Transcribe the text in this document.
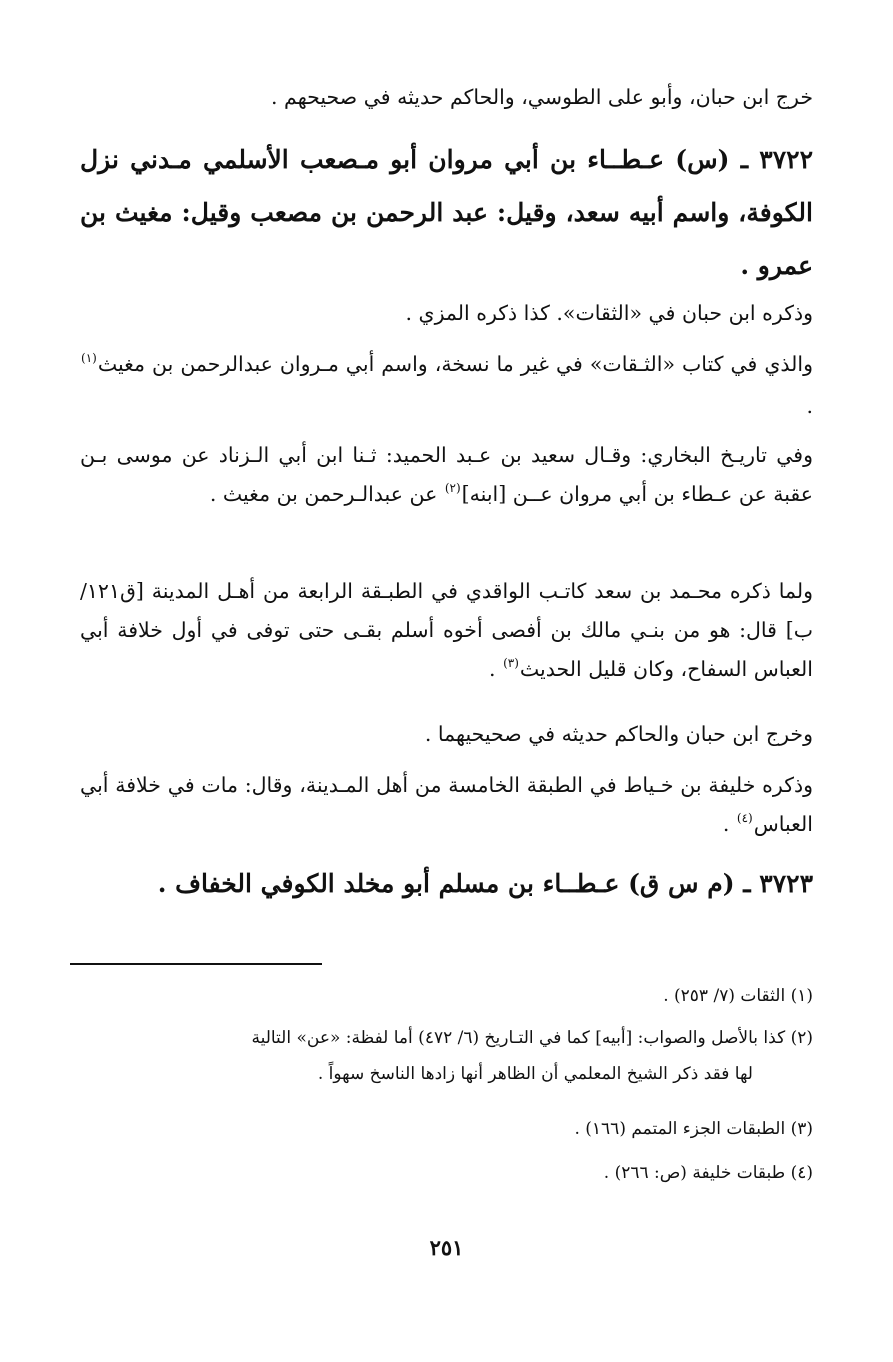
خرج ابن حبان، وأبو على الطوسي، والحاكم حديثه في صحيحهم .
٣٧٢٢ ـ (س) عـطــاء بن أبي مروان أبو مـصعب الأسلمي مـدني نزل الكوفة، واسم أبيه سعد، وقيل: عبد الرحمن بن مصعب وقيل: مغيث بن عمرو .
وذكره ابن حبان في «الثقات». كذا ذكره المزي .
والذي في كتاب «الثـقات» في غير ما نسخة، واسم أبي مـروان عبدالرحمن بن مغيث$^{(١)}$ .
وفي تاريـخ البخاري: وقـال سعيد بن عـبد الحميد: ثـنا ابن أبي الـزناد عن موسى بـن عقبة عن عـطاء بن أبي مروان عــن [ابنه]$^{(٢)}$ عن عبدالـرحمن بن مغيث .
ولما ذكره محـمد بن سعد كاتـب الواقدي في الطبـقة الرابعة من أهـل المدينة [ق١٢١/ ب] قال: هو من بنـي مالك بن أفصى أخوه أسلم بقـى حتى توفى في أول خلافة أبي العباس السفاح، وكان قليل الحديث$^{(٣)}$ .
وخرج ابن حبان والحاكم حديثه في صحيحيهما .
وذكره خليفة بن خـياط في الطبقة الخامسة من أهل المـدينة، وقال: مات في خلافة أبي العباس$^{(٤)}$ .
٣٧٢٣ ـ (م س ق) عـطــاء بن مسلم أبو مخلد الكوفي الخفاف .
(١) الثقات (٧/ ٢٥٣) .
(٢) كذا بالأصل والصواب: [أبيه] كما في التـاريخ (٦/ ٤٧٢) أما لفظة: «عن» التالية
لها فقد ذكر الشيخ المعلمي أن الظاهر أنها زادها الناسخ سهواً .
(٣) الطبقات الجزء المتمم (١٦٦) .
(٤) طبقات خليفة (ص: ٢٦٦) .
٢٥١
